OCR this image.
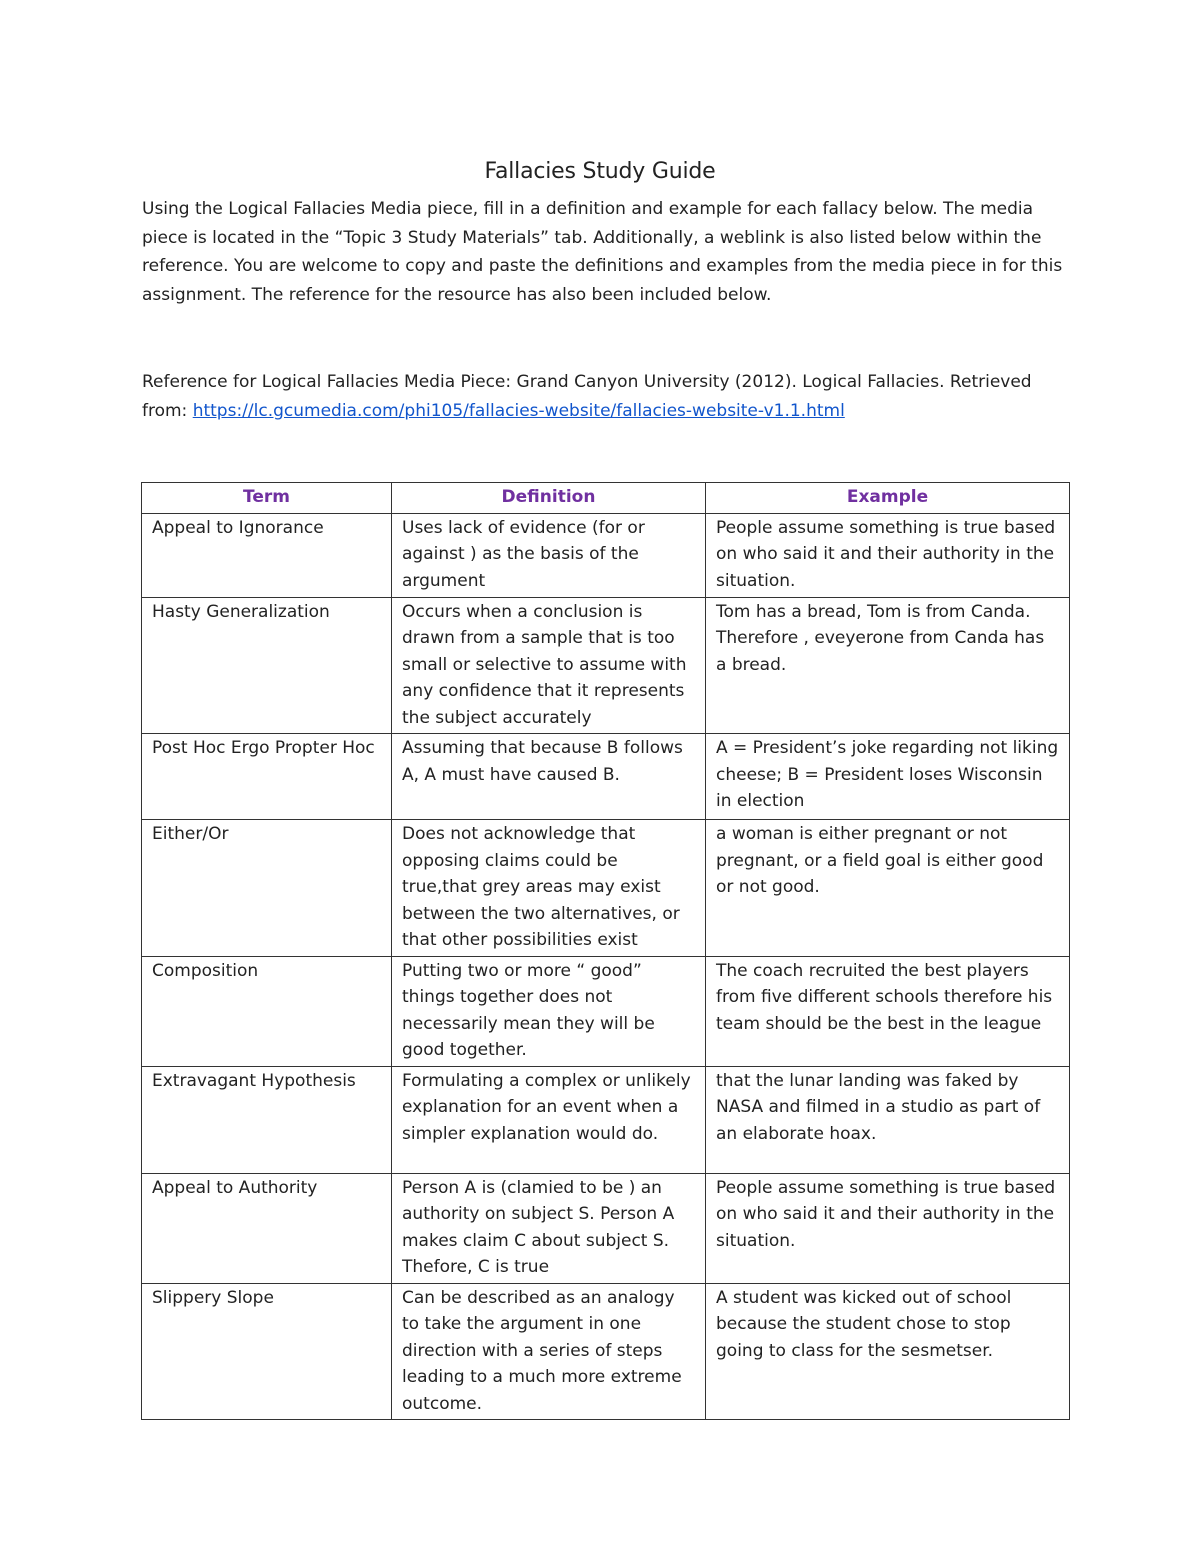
Fallacies Study Guide

Using the Logical Fallacies Media piece, fill in a definition and example for each fallacy below. The media piece is located in the “Topic 3 Study Materials” tab. Additionally, a weblink is also listed below within the reference. You are welcome to copy and paste the definitions and examples from the media piece in for this assignment. The reference for the resource has also been included below.

Reference for Logical Fallacies Media Piece: Grand Canyon University (2012). Logical Fallacies. Retrieved from: https://lc.gcumedia.com/phi105/fallacies-website/fallacies-website-v1.1.html

Term	Definition	Example
Appeal to Ignorance	Uses lack of evidence (for or against ) as the basis of the argument	People assume something is true based on who said it and their authority in the situation.
Hasty Generalization	Occurs when a conclusion is drawn from a sample that is too small or selective to assume with any confidence that it represents the subject accurately	Tom has a bread, Tom is from Canda. Therefore , eveyerone from Canda has a bread.
Post Hoc Ergo Propter Hoc	Assuming that because B follows A, A must have caused B.	A = President’s joke regarding not liking cheese; B = President loses Wisconsin in election
Either/Or	Does not acknowledge that opposing claims could be true,that grey areas may exist between the two alternatives, or that other possibilities exist	a woman is either pregnant or not pregnant, or a field goal is either good or not good.
Composition	Putting two or more “ good” things together does not necessarily mean they will be good together.	The coach recruited the best players from five different schools therefore his team should be the best in the league
Extravagant Hypothesis	Formulating a complex or unlikely explanation for an event when a simpler explanation would do.	that the lunar landing was faked by NASA and filmed in a studio as part of an elaborate hoax.
Appeal to Authority	Person A is (clamied to be ) an authority on subject S. Person A makes claim C about subject S. Thefore, C is true	People assume something is true based on who said it and their authority in the situation.
Slippery Slope	Can be described as an analogy to take the argument in one direction with a series of steps leading to a much more extreme outcome.	A student was kicked out of school because the student chose to stop going to class for the sesmetser.
